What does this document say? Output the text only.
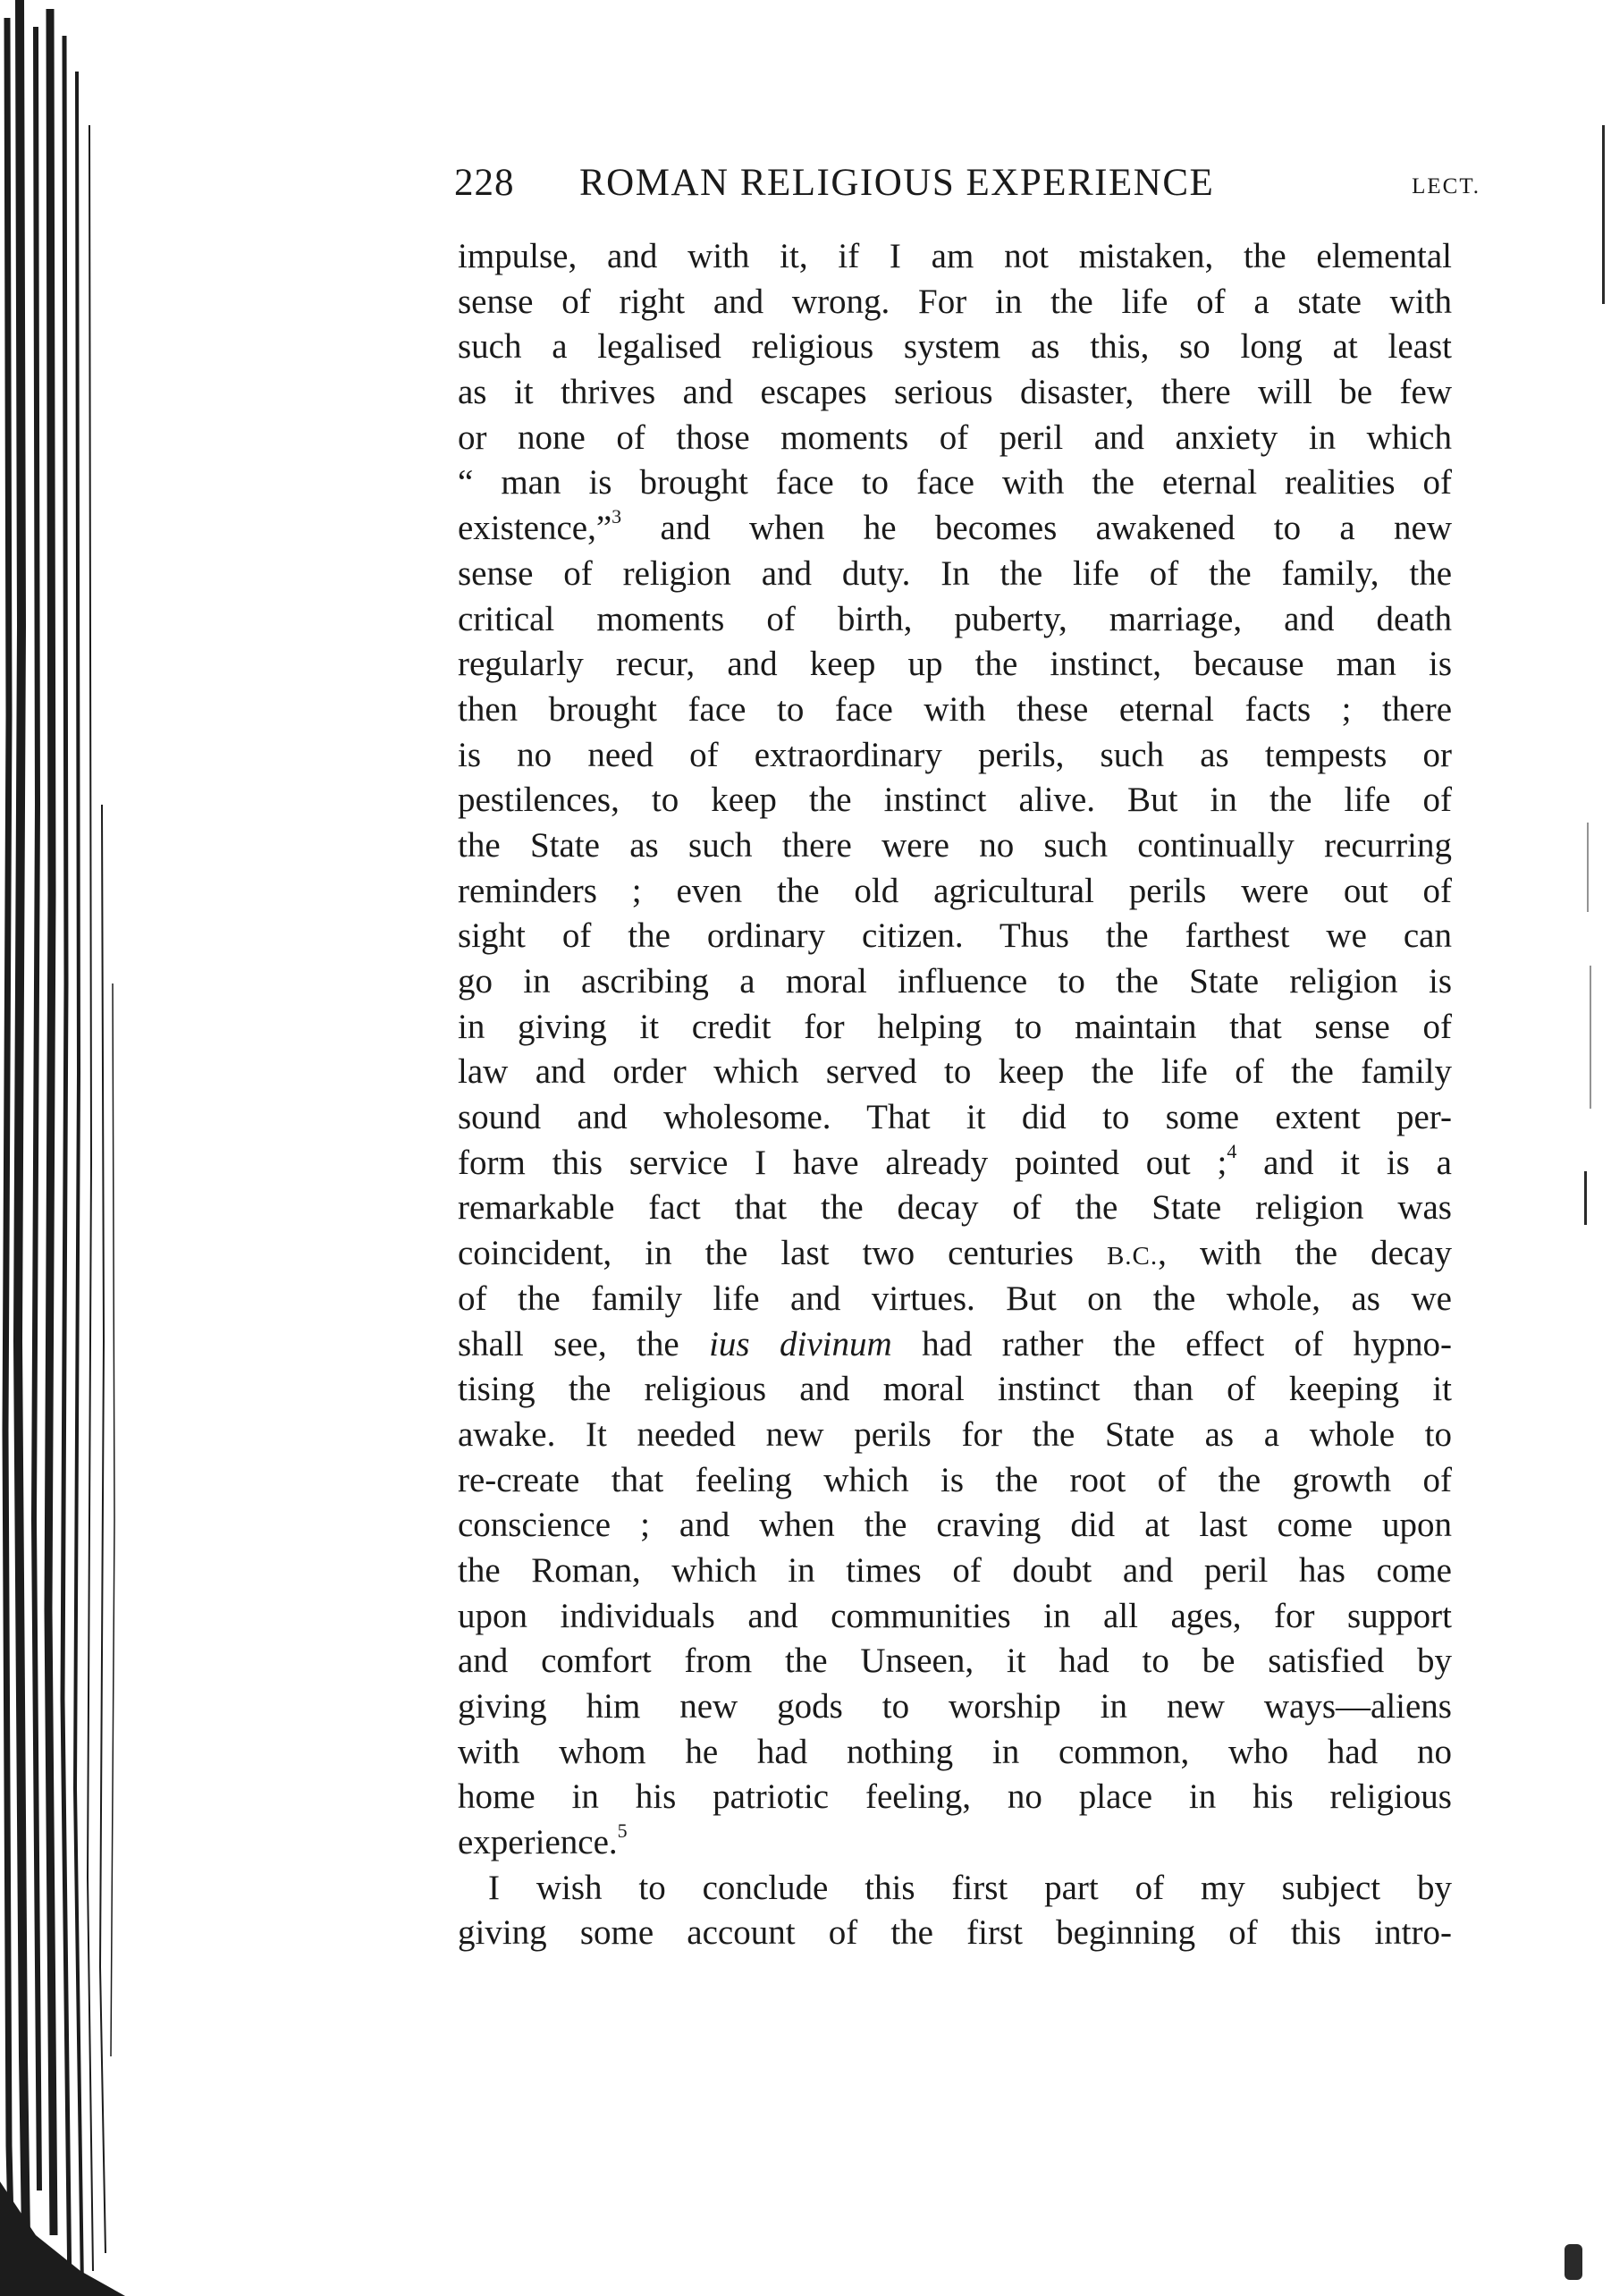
228 ROMAN RELIGIOUS EXPERIENCE	LECT.
impulse, and with it, if I am not mistaken, the elemental
sense of right and wrong. For in the life of a state with
such a legalised religious system as this, so long at least
as it thrives and escapes serious disaster, there will be few
or none of those moments of peril and anxiety in which
“ man is brought face to face with the eternal realities of
existence,”$^3$ and when he becomes awakened to a new
sense of religion and duty. In the life of the family, the
critical moments of birth, puberty, marriage, and death
regularly recur, and keep up the instinct, because man is
then brought face to face with these eternal facts ; there
is no need of extraordinary perils, such as tempests or
pestilences, to keep the instinct alive. But in the life of
the State as such there were no such continually recurring
reminders ; even the old agricultural perils were out of
sight of the ordinary citizen. Thus the farthest we can
go in ascribing a moral influence to the State religion is
in giving it credit for helping to maintain that sense of
law and order which served to keep the life of the family
sound and wholesome. That it did to some extent per-
form this service I have already pointed out ;$^4$ and it is a
remarkable fact that the decay of the State religion was
coincident, in the last two centuries B.C., with the decay
of the family life and virtues. But on the whole, as we
shall see, the ius divinum had rather the effect of hypno-
tising the religious and moral instinct than of keeping it
awake. It needed new perils for the State as a whole to
re-create that feeling which is the root of the growth of
conscience ; and when the craving did at last come upon
the Roman, which in times of doubt and peril has come
upon individuals and communities in all ages, for support
and comfort from the Unseen, it had to be satisfied by
giving him new gods to worship in new ways—aliens
with whom he had nothing in common, who had no
home in his patriotic feeling, no place in his religious
experience.$^5$
I wish to conclude this first part of my subject by
giving some account of the first beginning of this intro-
